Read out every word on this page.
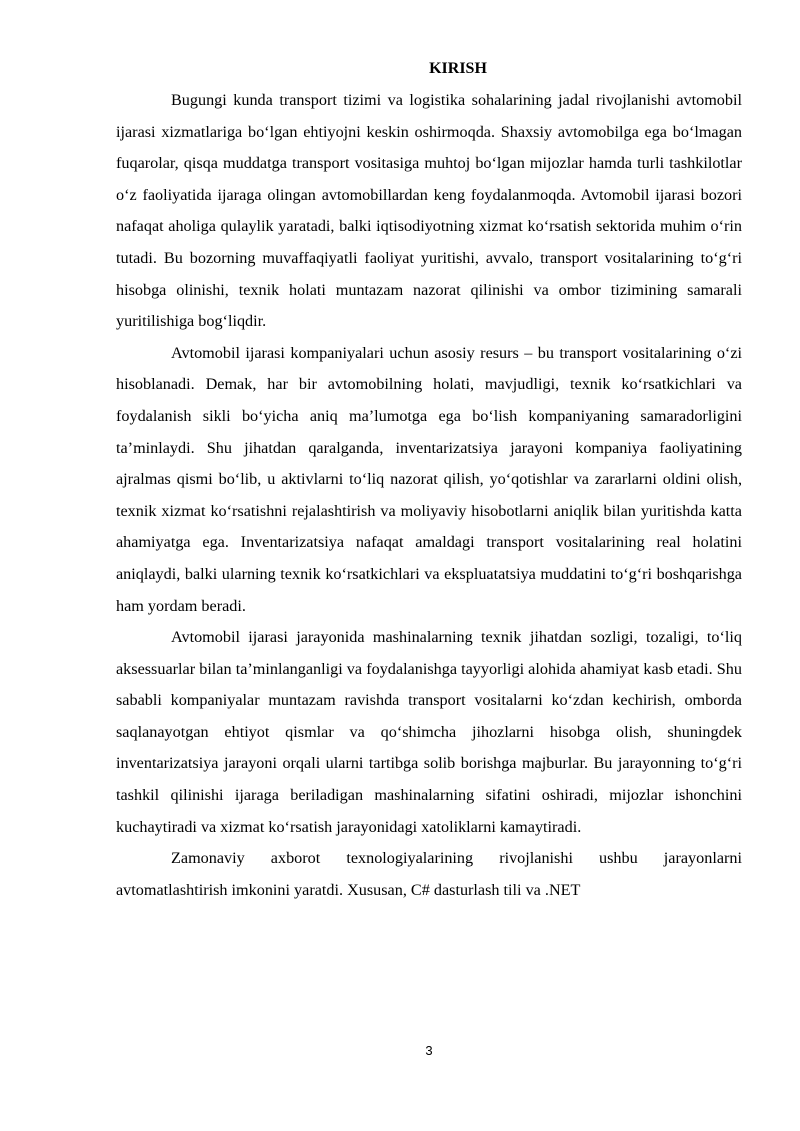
KIRISH

Bugungi kunda transport tizimi va logistika sohalarining jadal rivojlanishi avtomobil ijarasi xizmatlariga boʻlgan ehtiyojni keskin oshirmoqda. Shaxsiy avtomobilga ega boʻlmagan fuqarolar, qisqa muddatga transport vositasiga muhtoj boʻlgan mijozlar hamda turli tashkilotlar oʻz faoliyatida ijaraga olingan avtomobillardan keng foydalanmoqda. Avtomobil ijarasi bozori nafaqat aholiga qulaylik yaratadi, balki iqtisodiyotning xizmat koʻrsatish sektorida muhim oʻrin tutadi. Bu bozorning muvaffaqiyatli faoliyat yuritishi, avvalo, transport vositalarining toʻgʻri hisobga olinishi, texnik holati muntazam nazorat qilinishi va ombor tizimining samarali yuritilishiga bogʻliqdir.

Avtomobil ijarasi kompaniyalari uchun asosiy resurs – bu transport vositalarining oʻzi hisoblanadi. Demak, har bir avtomobilning holati, mavjudligi, texnik koʻrsatkichlari va foydalanish sikli boʻyicha aniq maʼlumotga ega boʻlish kompaniyaning samaradorligini taʼminlaydi. Shu jihatdan qaralganda, inventarizatsiya jarayoni kompaniya faoliyatining ajralmas qismi boʻlib, u aktivlarni toʻliq nazorat qilish, yoʻqotishlar va zararlarni oldini olish, texnik xizmat koʻrsatishni rejalashtirish va moliyaviy hisobotlarni aniqlik bilan yuritishda katta ahamiyatga ega. Inventarizatsiya nafaqat amaldagi transport vositalarining real holatini aniqlaydi, balki ularning texnik koʻrsatkichlari va ekspluatatsiya muddatini toʻgʻri boshqarishga ham yordam beradi.

Avtomobil ijarasi jarayonida mashinalarning texnik jihatdan sozligi, tozaligi, toʻliq aksessuarlar bilan taʼminlanganligi va foydalanishga tayyorligi alohida ahamiyat kasb etadi. Shu sababli kompaniyalar muntazam ravishda transport vositalarni koʻzdan kechirish, omborda saqlanayotgan ehtiyot qismlar va qoʻshimcha jihozlarni hisobga olish, shuningdek inventarizatsiya jarayoni orqali ularni tartibga solib borishga majburlar. Bu jarayonning toʻgʻri tashkil qilinishi ijaraga beriladigan mashinalarning sifatini oshiradi, mijozlar ishonchini kuchaytiradi va xizmat koʻrsatish jarayonidagi xatoliklarni kamaytiradi.

Zamonaviy axborot texnologiyalarining rivojlanishi ushbu jarayonlarni avtomatlashtirish imkonini yaratdi. Xususan, C# dasturlash tili va .NET

3
